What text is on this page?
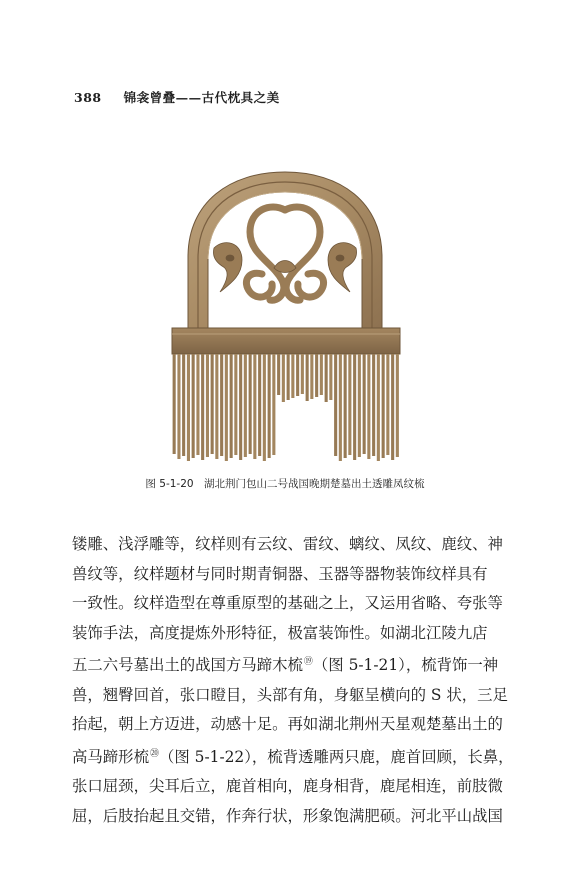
388 锦衾曾叠——古代枕具之美
图 5-1-20　湖北荆门包山二号战国晚期楚墓出土透雕凤纹梳

镂雕、浅浮雕等，纹样则有云纹、雷纹、螭纹、凤纹、鹿纹、神

兽纹等，纹样题材与同时期青铜器、玉器等器物装饰纹样具有

一致性。纹样造型在尊重原型的基础之上，又运用省略、夸张等

装饰手法，高度提炼外形特征，极富装饰性。如湖北江陵九店

五二六号墓出土的战国方马蹄木梳⑲（图 5-1-21），梳背饰一神

兽，翘臀回首，张口瞪目，头部有角，身躯呈横向的 S 状，三足

抬起，朝上方迈进，动感十足。再如湖北荆州天星观楚墓出土的

高马蹄形梳⑳（图 5-1-22），梳背透雕两只鹿，鹿首回顾，长鼻，

张口屈颈，尖耳后立，鹿首相向，鹿身相背，鹿尾相连，前肢微

屈，后肢抬起且交错，作奔行状，形象饱满肥硕。河北平山战国
